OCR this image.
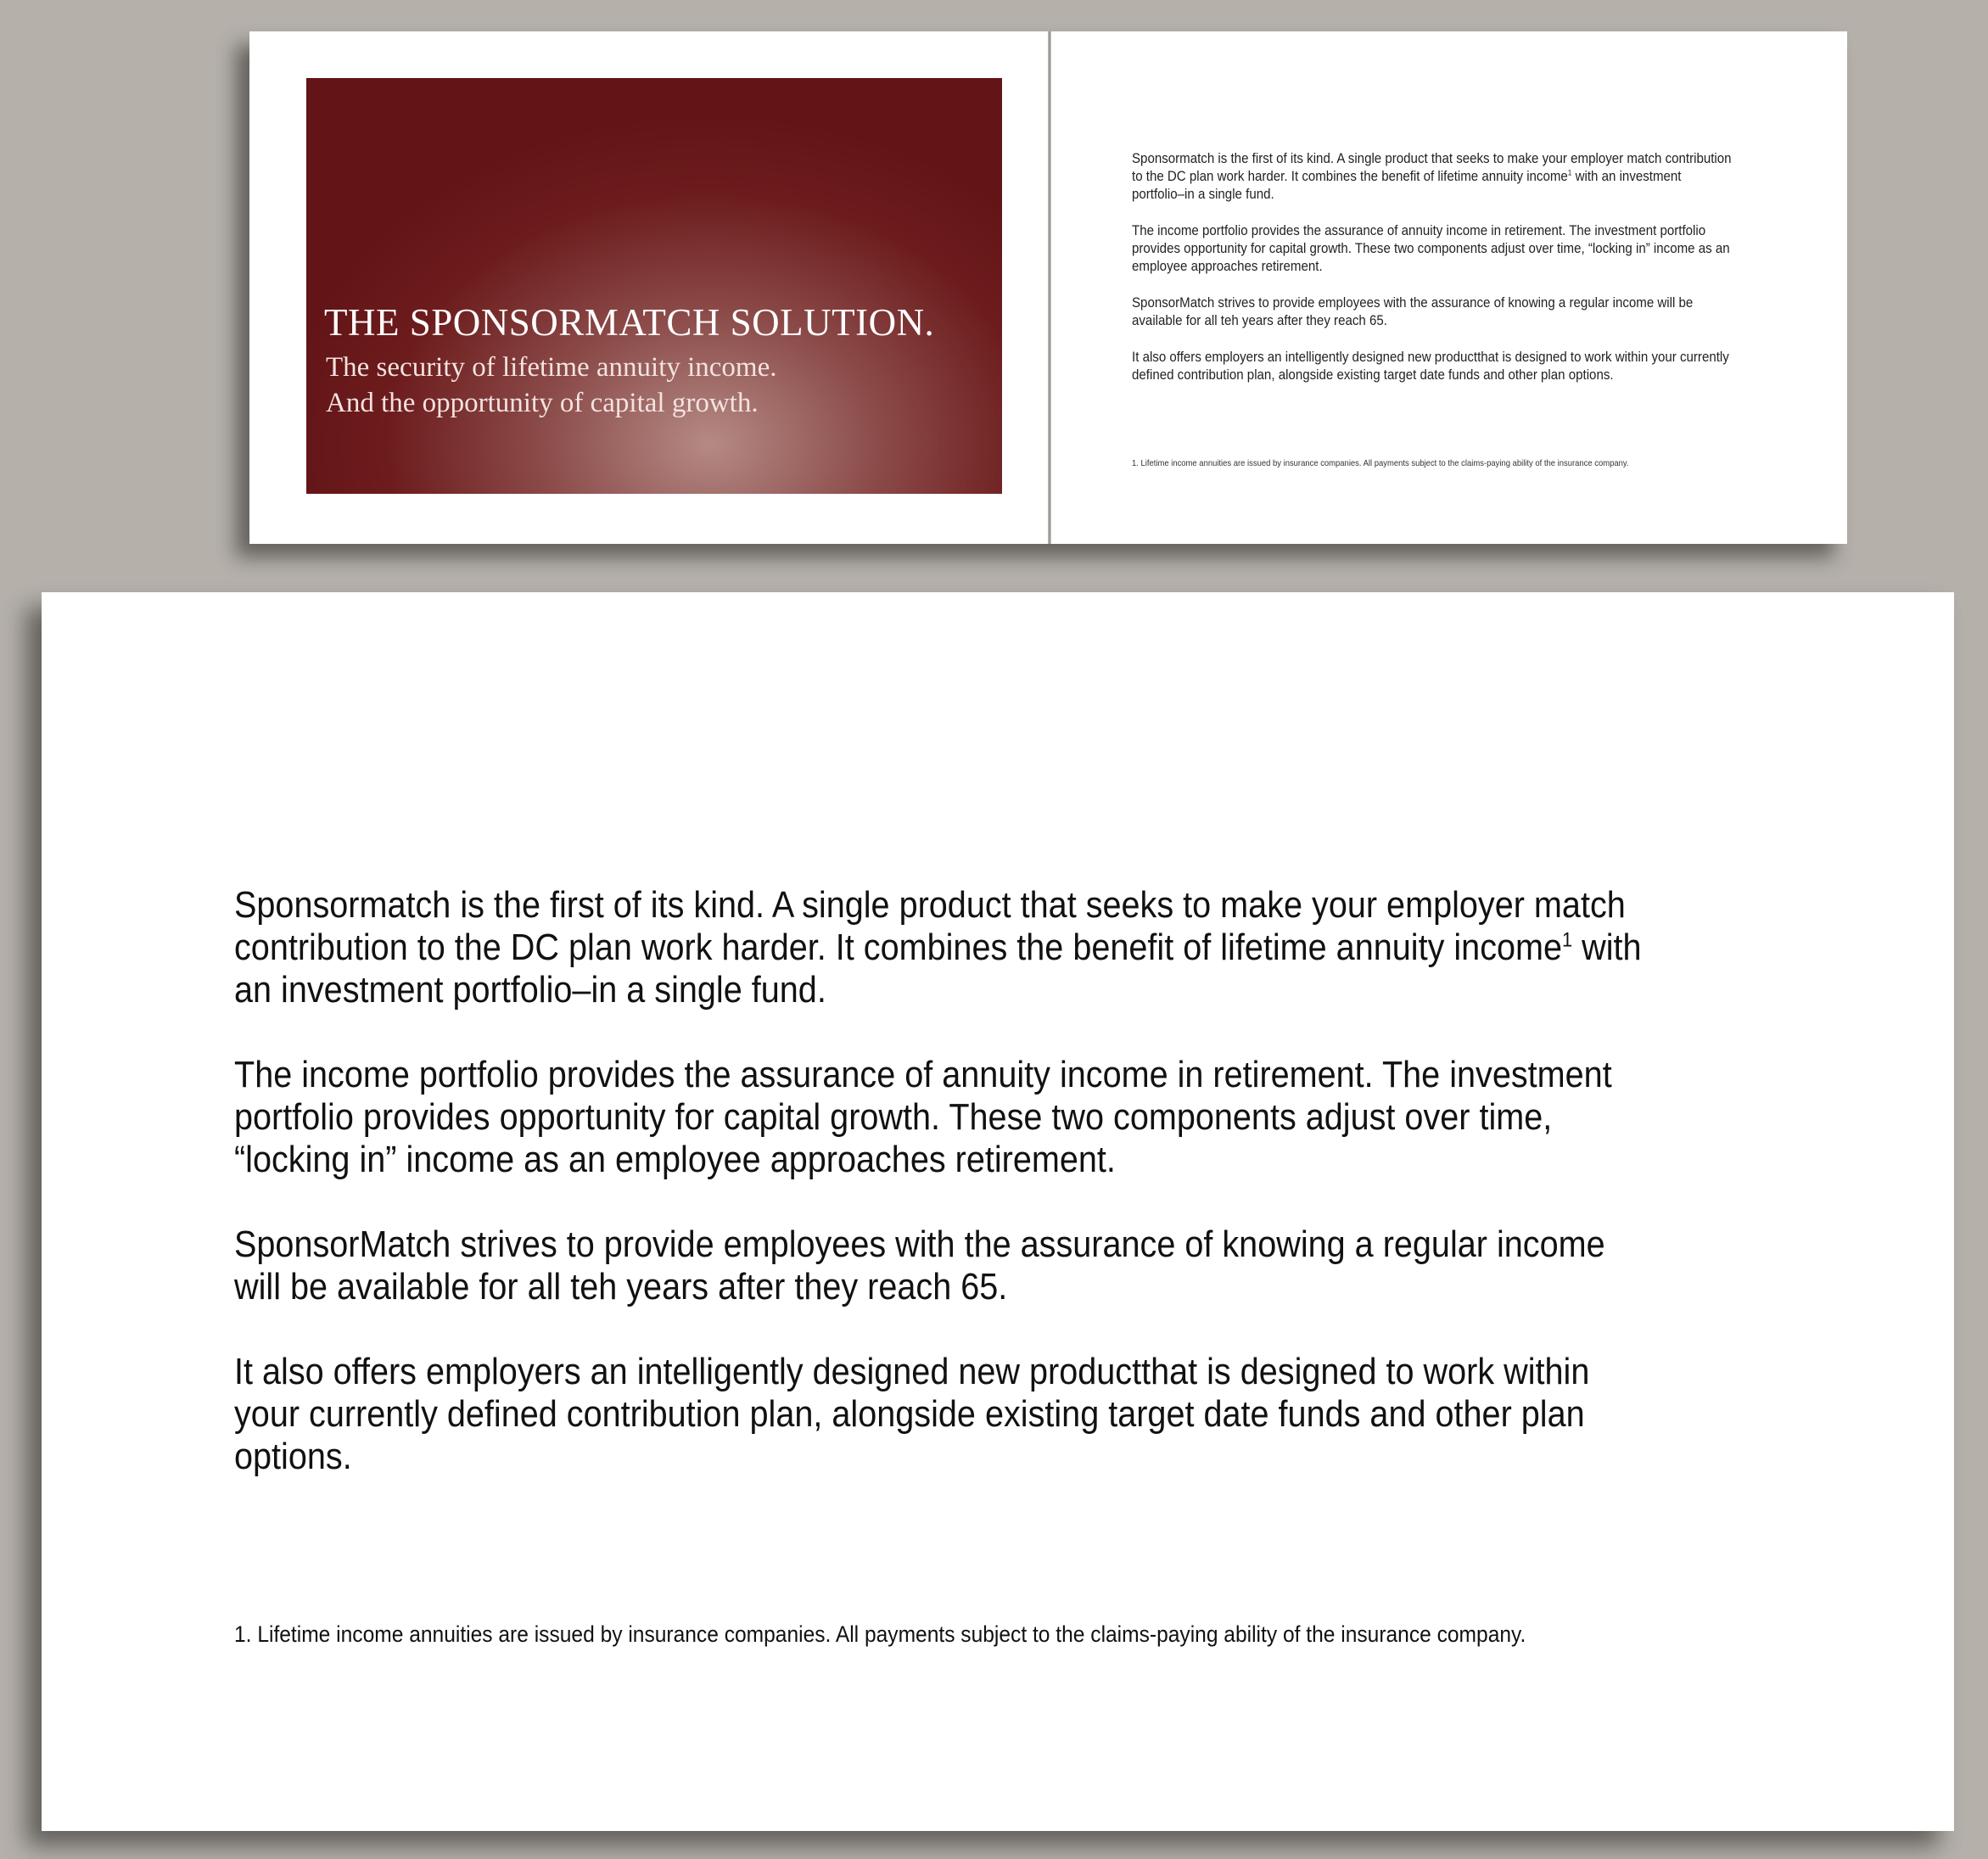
THE SPONSORMATCH SOLUTION.
The security of lifetime annuity income.
And the opportunity of capital growth.

Sponsormatch is the first of its kind. A single product that seeks to make your employer match contribution to the DC plan work harder. It combines the benefit of lifetime annuity income$^1$ with an investment portfolio–in a single fund.

The income portfolio provides the assurance of annuity income in retirement. The investment portfolio provides opportunity for capital growth. These two components adjust over time, “locking in” income as an employee approaches retirement.

SponsorMatch strives to provide employees with the assurance of knowing a regular income will be available for all teh years after they reach 65.

It also offers employers an intelligently designed new productthat is designed to work within your currently defined contribution plan, alongside existing target date funds and other plan options.

1. Lifetime income annuities are issued by insurance companies. All payments subject to the claims-paying ability of the insurance company.

Sponsormatch is the first of its kind. A single product that seeks to make your employer match contribution to the DC plan work harder. It combines the benefit of lifetime annuity income$^1$ with an investment portfolio–in a single fund.

The income portfolio provides the assurance of annuity income in retirement. The investment portfolio provides opportunity for capital growth. These two components adjust over time, “locking in” income as an employee approaches retirement.

SponsorMatch strives to provide employees with the assurance of knowing a regular income will be available for all teh years after they reach 65.

It also offers employers an intelligently designed new productthat is designed to work within your currently defined contribution plan, alongside existing target date funds and other plan options.

1. Lifetime income annuities are issued by insurance companies. All payments subject to the claims-paying ability of the insurance company.
